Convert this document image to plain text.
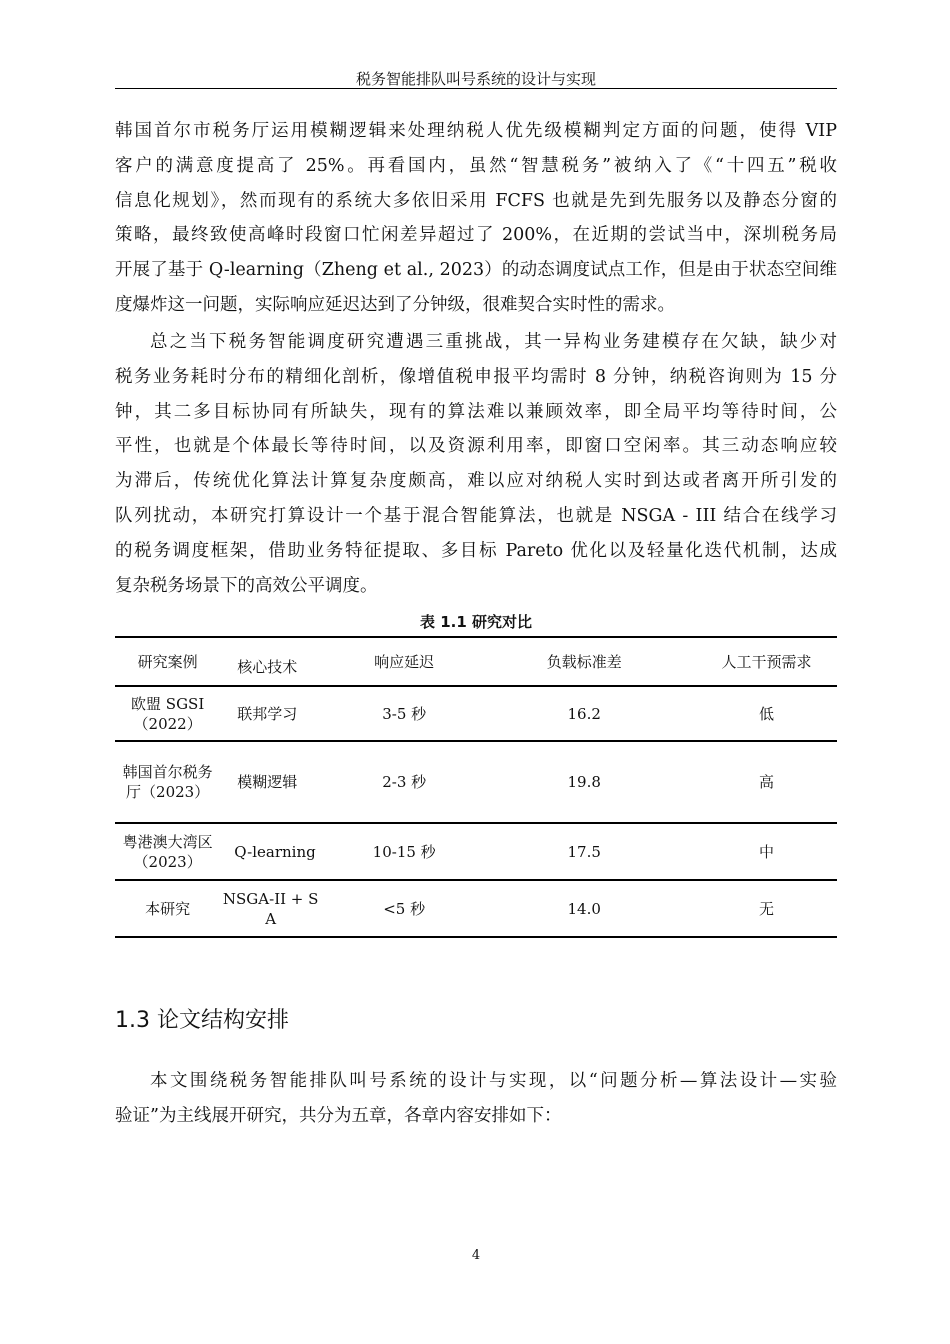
税务智能排队叫号系统的设计与实现
韩国首尔市税务厅运用模糊逻辑来处理纳税人优先级模糊判定方面的问题，使得 VIP
客户的满意度提高了 25%。再看国内，虽然“智慧税务”被纳入了《“十四五”税收
信息化规划》，然而现有的系统大多依旧采用 FCFS 也就是先到先服务以及静态分窗的
策略，最终致使高峰时段窗口忙闲差异超过了 200%，在近期的尝试当中，深圳税务局
开展了基于 Q-learning（Zheng et al., 2023）的动态调度试点工作，但是由于状态空间维
度爆炸这一问题，实际响应延迟达到了分钟级，很难契合实时性的需求。
总之当下税务智能调度研究遭遇三重挑战，其一异构业务建模存在欠缺，缺少对
税务业务耗时分布的精细化剖析，像增值税申报平均需时 8 分钟，纳税咨询则为 15 分
钟，其二多目标协同有所缺失，现有的算法难以兼顾效率，即全局平均等待时间，公
平性，也就是个体最长等待时间，以及资源利用率，即窗口空闲率。其三动态响应较
为滞后，传统优化算法计算复杂度颇高，难以应对纳税人实时到达或者离开所引发的
队列扰动，本研究打算设计一个基于混合智能算法，也就是 NSGA - III 结合在线学习
的税务调度框架，借助业务特征提取、多目标 Pareto 优化以及轻量化迭代机制，达成
复杂税务场景下的高效公平调度。
表 1.1 研究对比
研究案例	核心技术	响应延迟	负载标准差	人工干预需求
欧盟 SGSI（2022）	联邦学习	3-5 秒	16.2	低
韩国首尔税务厅（2023）	模糊逻辑	2-3 秒	19.8	高
粤港澳大湾区（2023）	Q-learning	10-15 秒	17.5	中
本研究	NSGA-II + SA	<5 秒	14.0	无
1.3 论文结构安排
本文围绕税务智能排队叫号系统的设计与实现，以“问题分析—算法设计—实验
验证”为主线展开研究，共分为五章，各章内容安排如下：
4
